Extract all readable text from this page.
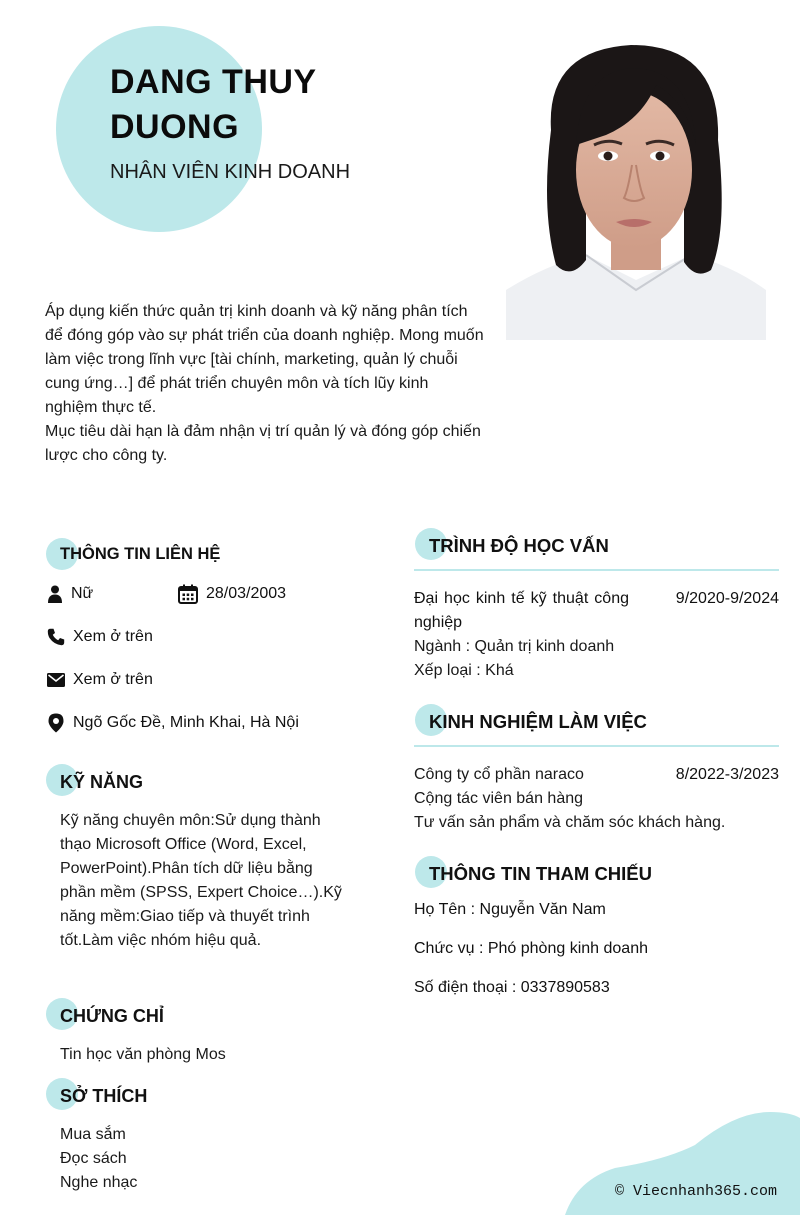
DANG THUY DUONG
NHÂN VIÊN KINH DOANH

Áp dụng kiến thức quản trị kinh doanh và kỹ năng phân tích để đóng góp vào sự phát triển của doanh nghiệp. Mong muốn làm việc trong lĩnh vực [tài chính, marketing, quản lý chuỗi cung ứng…] để phát triển chuyên môn và tích lũy kinh nghiệm thực tế.

Mục tiêu dài hạn là đảm nhận vị trí quản lý và đóng góp chiến lược cho công ty.

THÔNG TIN LIÊN HỆ
Nữ	28/03/2003
Xem ở trên
Xem ở trên
Ngõ Gốc Đề, Minh Khai, Hà Nội
KỸ NĂNG
Kỹ năng chuyên môn:Sử dụng thành thạo Microsoft Office (Word, Excel, PowerPoint).Phân tích dữ liệu bằng phần mềm (SPSS, Expert Choice…).Kỹ năng mềm:Giao tiếp và thuyết trình tốt.Làm việc nhóm hiệu quả.
CHỨNG CHỈ
Tin học văn phòng Mos
SỞ THÍCH
Mua sắm
Đọc sách
Nghe nhạc
TRÌNH ĐỘ HỌC VẤN
Đại học kinh tế kỹ thuật công nghiệp
9/2020-9/2024
Ngành : Quản trị kinh doanh
Xếp loại : Khá
KINH NGHIỆM LÀM VIỆC
Công ty cổ phần naraco	8/2022-3/2023
Cộng tác viên bán hàng
Tư vấn sản phẩm và chăm sóc khách hàng.
THÔNG TIN THAM CHIẾU
Họ Tên : Nguyễn Văn Nam
Chức vụ : Phó phòng kinh doanh
Số điện thoại : 0337890583
© Viecnhanh365.com
